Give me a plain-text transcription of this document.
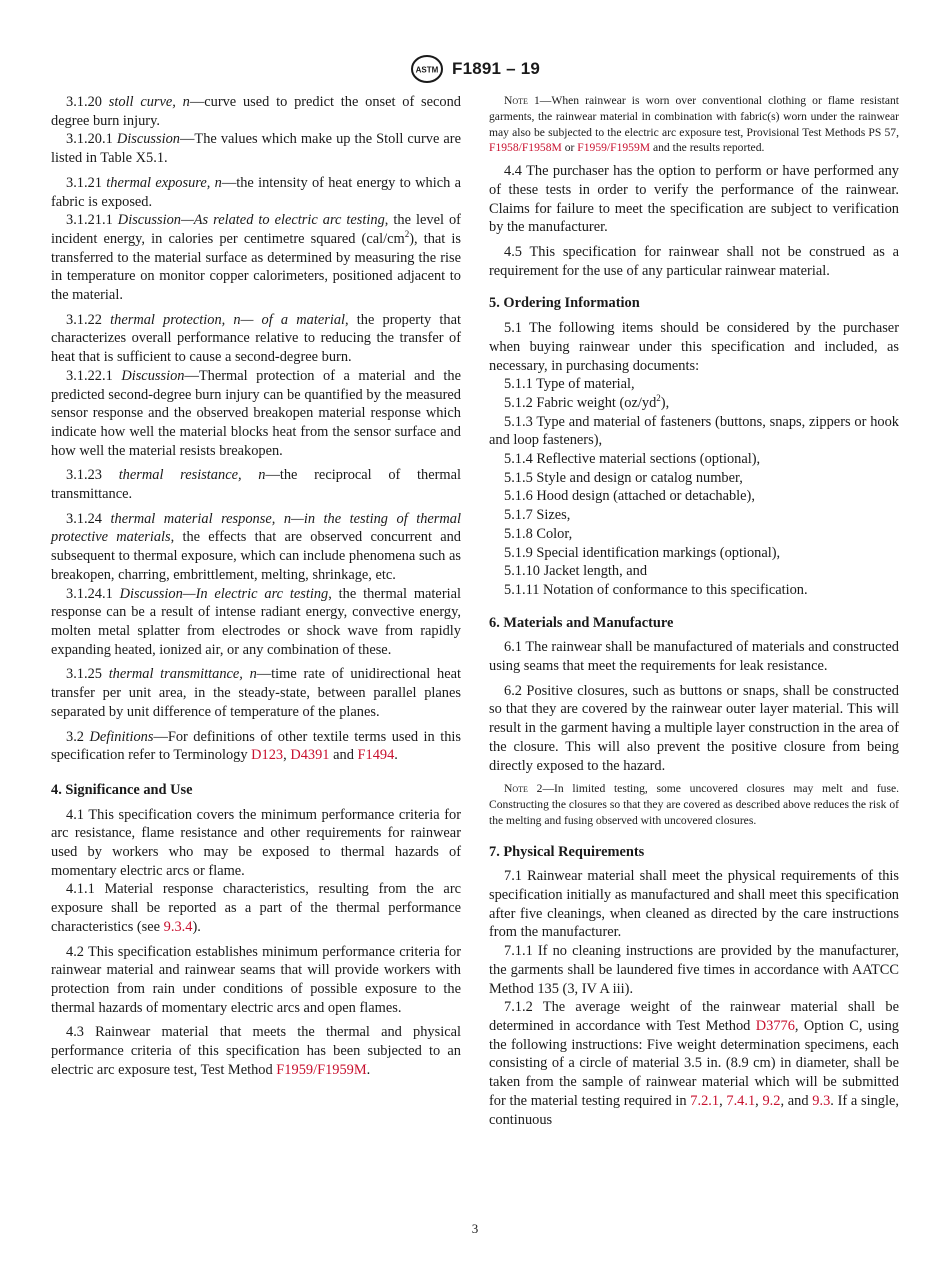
ASTM F1891 – 19

3.1.20 stoll curve, n—curve used to predict the onset of second degree burn injury.

3.1.20.1 Discussion—The values which make up the Stoll curve are listed in Table X5.1.

3.1.21 thermal exposure, n—the intensity of heat energy to which a fabric is exposed.

3.1.21.1 Discussion—As related to electric arc testing, the level of incident energy, in calories per centimetre squared $(cal/cm^2)$, that is transferred to the material surface as determined by measuring the rise in temperature on monitor copper calorimeters, positioned adjacent to the material.

3.1.22 thermal protection, n— of a material, the property that characterizes overall performance relative to reducing the transfer of heat that is sufficient to cause a second-degree burn.

3.1.22.1 Discussion—Thermal protection of a material and the predicted second-degree burn injury can be quantified by the measured sensor response and the observed breakopen material response which indicate how well the material blocks heat from the sensor surface and how well the material resists breakopen.

3.1.23 thermal resistance, n—the reciprocal of thermal transmittance.

3.1.24 thermal material response, n—in the testing of thermal protective materials, the effects that are observed concurrent and subsequent to thermal exposure, which can include phenomena such as breakopen, charring, embrittlement, melting, shrinkage, etc.

3.1.24.1 Discussion—In electric arc testing, the thermal material response can be a result of intense radiant energy, convective energy, molten metal splatter from electrodes or shock wave from rapidly expanding heated, ionized air, or any combination of these.

3.1.25 thermal transmittance, n—time rate of unidirectional heat transfer per unit area, in the steady-state, between parallel planes separated by unit difference of temperature of the planes.

3.2 Definitions—For definitions of other textile terms used in this specification refer to Terminology D123, D4391 and F1494.

4. Significance and Use

4.1 This specification covers the minimum performance criteria for arc resistance, flame resistance and other requirements for rainwear used by workers who may be exposed to thermal hazards of momentary electric arcs or flame.

4.1.1 Material response characteristics, resulting from the arc exposure shall be reported as a part of the thermal performance characteristics (see 9.3.4).

4.2 This specification establishes minimum performance criteria for rainwear material and rainwear seams that will provide workers with protection from rain under conditions of possible exposure to the thermal hazards of momentary electric arcs and open flames.

4.3 Rainwear material that meets the thermal and physical performance criteria of this specification has been subjected to an electric arc exposure test, Test Method F1959/F1959M.

Note 1—When rainwear is worn over conventional clothing or flame resistant garments, the rainwear material in combination with fabric(s) worn under the rainwear may also be subjected to the electric arc exposure test, Provisional Test Methods PS 57, F1958/F1958M or F1959/F1959M and the results reported.

4.4 The purchaser has the option to perform or have performed any of these tests in order to verify the performance of the rainwear. Claims for failure to meet the specification are subject to verification by the manufacturer.

4.5 This specification for rainwear shall not be construed as a requirement for the use of any particular rainwear material.

5. Ordering Information

5.1 The following items should be considered by the purchaser when buying rainwear under this specification and included, as necessary, in purchasing documents:

5.1.1 Type of material,

5.1.2 Fabric weight $(oz/yd^2)$,

5.1.3 Type and material of fasteners (buttons, snaps, zippers or hook and loop fasteners),

5.1.4 Reflective material sections (optional),

5.1.5 Style and design or catalog number,

5.1.6 Hood design (attached or detachable),

5.1.7 Sizes,

5.1.8 Color,

5.1.9 Special identification markings (optional),

5.1.10 Jacket length, and

5.1.11 Notation of conformance to this specification.

6. Materials and Manufacture

6.1 The rainwear shall be manufactured of materials and constructed using seams that meet the requirements for leak resistance.

6.2 Positive closures, such as buttons or snaps, shall be constructed so that they are covered by the rainwear outer layer material. This will result in the garment having a multiple layer construction in the area of the closure. This will also prevent the positive closure from being directly exposed to the hazard.

Note 2—In limited testing, some uncovered closures may melt and fuse. Constructing the closures so that they are covered as described above reduces the risk of the melting and fusing observed with uncovered closures.

7. Physical Requirements

7.1 Rainwear material shall meet the physical requirements of this specification initially as manufactured and shall meet this specification after five cleanings, when cleaned as directed by the care instructions from the manufacturer.

7.1.1 If no cleaning instructions are provided by the manufacturer, the garments shall be laundered five times in accordance with AATCC Method 135 (3, IV A iii).

7.1.2 The average weight of the rainwear material shall be determined in accordance with Test Method D3776, Option C, using the following instructions: Five weight determination specimens, each consisting of a circle of material 3.5 in. (8.9 cm) in diameter, shall be taken from the sample of rainwear material which will be submitted for the material testing required in 7.2.1, 7.4.1, 9.2, and 9.3. If a single, continuous

3
